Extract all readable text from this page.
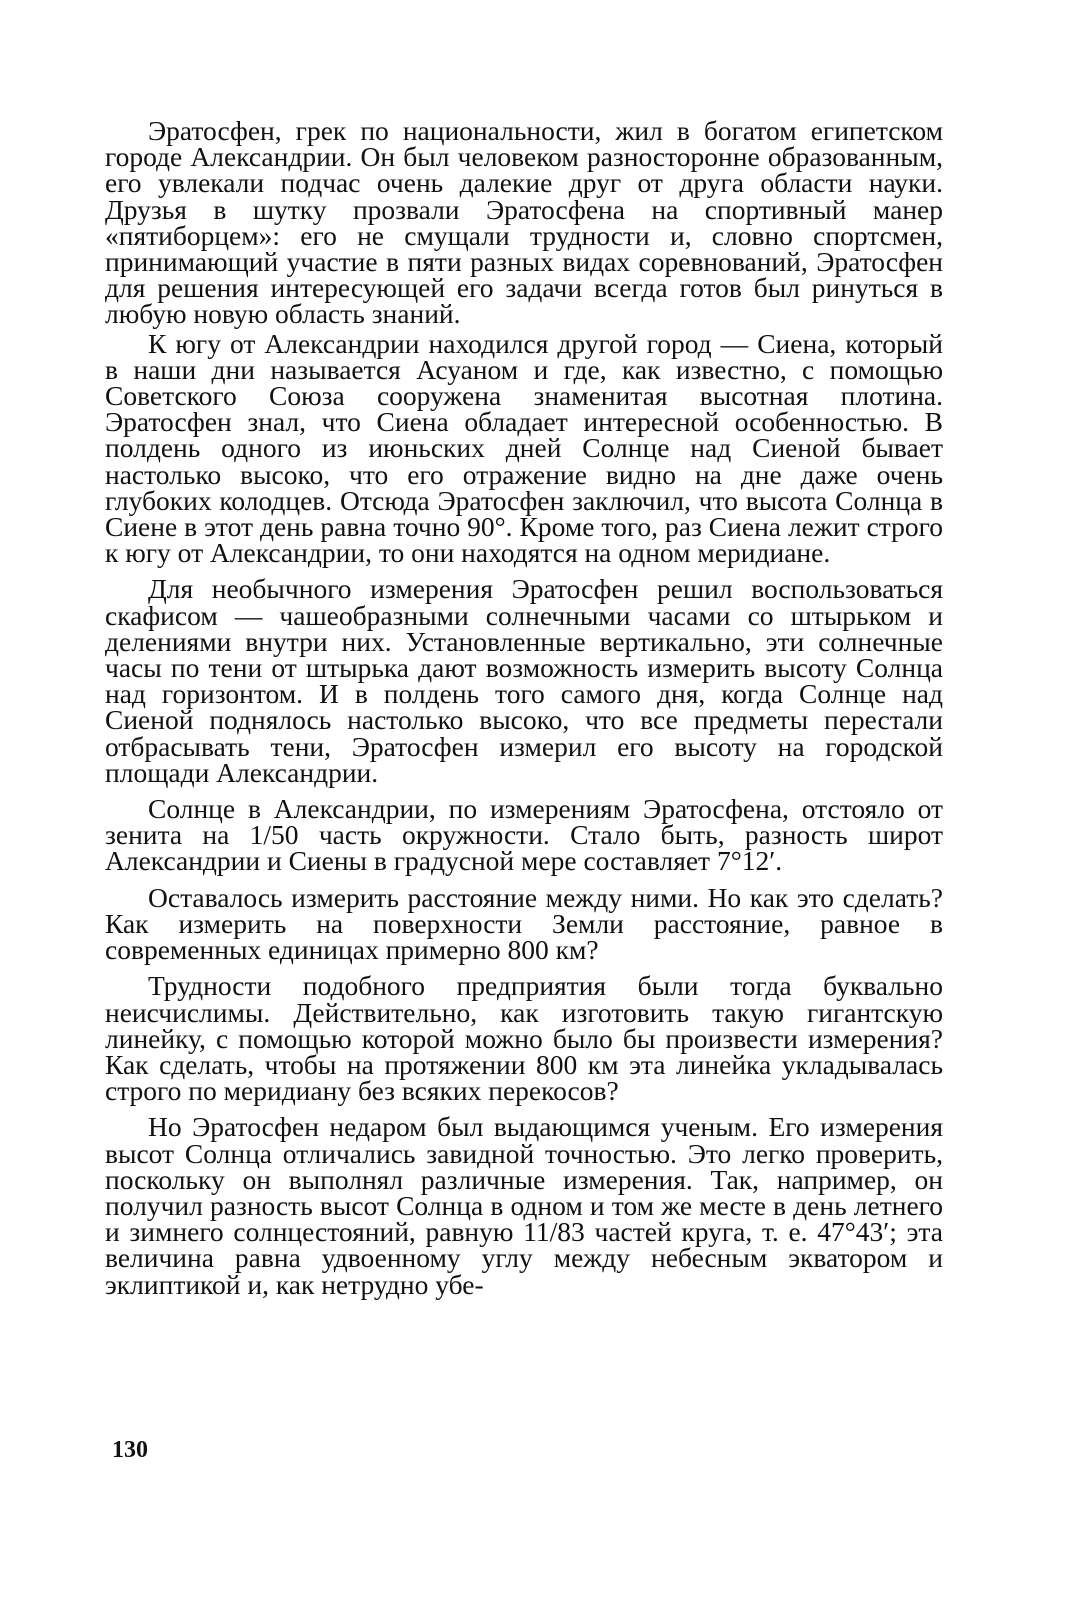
Эратосфен, грек по национальности, жил в богатом египетском городе Александрии. Он был человеком разносторонне образованным, его увлекали подчас очень далекие друг от друга области науки. Друзья в шутку прозвали Эратосфена на спортивный манер «пятиборцем»: его не смущали трудности и, словно спортсмен, принимающий участие в пяти разных видах соревнований, Эратосфен для решения интересующей его задачи всегда готов был ринуться в любую новую область знаний.

К югу от Александрии находился другой город — Сиена, который в наши дни называется Асуаном и где, как известно, с помощью Советского Союза сооружена знаменитая высотная плотина. Эратосфен знал, что Сиена обладает интересной особенностью. В полдень одного из июньских дней Солнце над Сиеной бывает настолько высоко, что его отражение видно на дне даже очень глубоких колодцев. Отсюда Эратосфен заключил, что высота Солнца в Сиене в этот день равна точно 90°. Кроме того, раз Сиена лежит строго к югу от Александрии, то они находятся на одном меридиане.

Для необычного измерения Эратосфен решил воспользоваться скафисом — чашеобразными солнечными часами со штырьком и делениями внутри них. Установленные вертикально, эти солнечные часы по тени от штырька дают возможность измерить высоту Солнца над горизонтом. И в полдень того самого дня, когда Солнце над Сиеной поднялось настолько высоко, что все предметы перестали отбрасывать тени, Эратосфен измерил его высоту на городской площади Александрии.

Солнце в Александрии, по измерениям Эратосфена, отстояло от зенита на 1/50 часть окружности. Стало быть, разность широт Александрии и Сиены в градусной мере составляет 7°12′.

Оставалось измерить расстояние между ними. Но как это сделать? Как измерить на поверхности Земли расстояние, равное в современных единицах примерно 800 км?

Трудности подобного предприятия были тогда буквально неисчислимы. Действительно, как изготовить такую гигантскую линейку, с помощью которой можно было бы произвести измерения? Как сделать, чтобы на протяжении 800 км эта линейка укладывалась строго по меридиану без всяких перекосов?

Но Эратосфен недаром был выдающимся ученым. Его измерения высот Солнца отличались завидной точностью. Это легко проверить, поскольку он выполнял различные измерения. Так, например, он получил разность высот Солнца в одном и том же месте в день летнего и зимнего солнцестояний, равную 11/83 частей круга, т. е. 47°43′; эта величина равна удвоенному углу между небесным экватором и эклиптикой и, как нетрудно убе-

130
